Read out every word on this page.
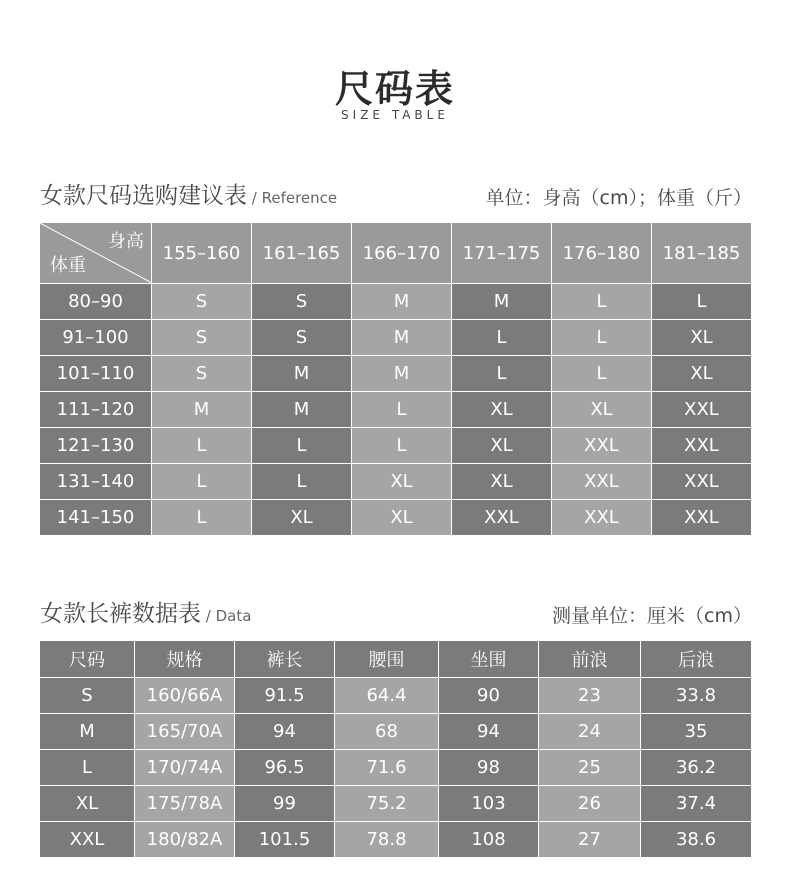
尺码表
SIZE TABLE
女款尺码选购建议表 / Reference	单位：身高（cm）；体重（斤）
身高
体重	155–160	161–165	166–170	171–175	176–180	181–185
80–90	S	S	M	M	L	L
91–100	S	S	M	L	L	XL
101–110	S	M	M	L	L	XL
111–120	M	M	L	XL	XL	XXL
121–130	L	L	L	XL	XXL	XXL
131–140	L	L	XL	XL	XXL	XXL
141–150	L	XL	XL	XXL	XXL	XXL
女款长裤数据表 / Data	测量单位：厘米（cm）
尺码	规格	裤长	腰围	坐围	前浪	后浪
S	160/66A	91.5	64.4	90	23	33.8
M	165/70A	94	68	94	24	35
L	170/74A	96.5	71.6	98	25	36.2
XL	175/78A	99	75.2	103	26	37.4
XXL	180/82A	101.5	78.8	108	27	38.6
